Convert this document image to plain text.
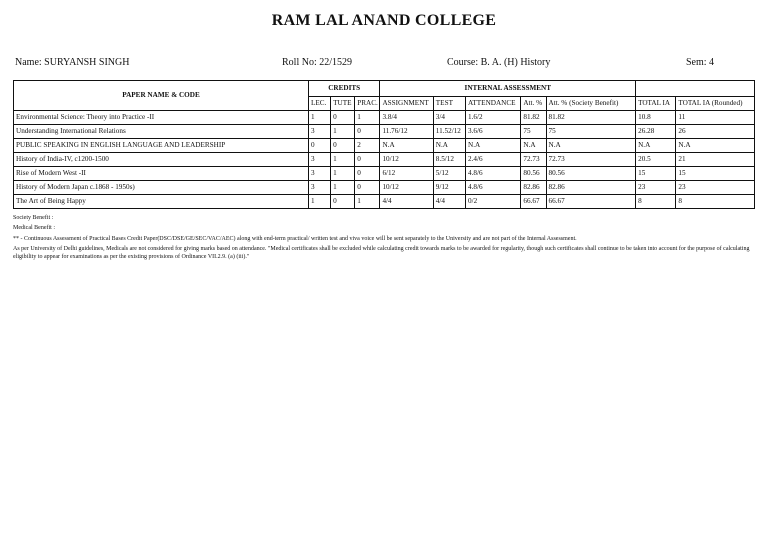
RAM LAL ANAND COLLEGE
Name: SURYANSH SINGH	Roll No: 22/1529	Course: B. A. (H) History	Sem: 4
PAPER NAME & CODE	CREDITS			INTERNAL ASSESSMENT						
	LEC.	TUTE	PRAC.	ASSIGNMENT	TEST	ATTENDANCE	Att. %	Att. % (Society Benefit)	TOTAL IA	TOTAL IA (Rounded)
Environmental Science: Theory into Practice -II	1	0	1	3.8/4	3/4	1.6/2	81.82	81.82	10.8	11
Understanding International Relations	3	1	0	11.76/12	11.52/12	3.6/6	75	75	26.28	26
PUBLIC SPEAKING IN ENGLISH LANGUAGE AND LEADERSHIP	0	0	2	N.A	N.A	N.A	N.A	N.A	N.A	N.A
History of India-IV, c1200-1500	3	1	0	10/12	8.5/12	2.4/6	72.73	72.73	20.5	21
Rise of Modern West -II	3	1	0	6/12	5/12	4.8/6	80.56	80.56	15	15
History of Modern Japan c.1868 - 1950s)	3	1	0	10/12	9/12	4.8/6	82.86	82.86	23	23
The Art of Being Happy	1	0	1	4/4	4/4	0/2	66.67	66.67	8	8
Society Benefit :
Medical Benefit :
** - Continuous Assessment of Practical Bases Credit Paper(DSC/DSE/GE/SEC/VAC/AEC) along with end-term practical/ written test and viva voice will be sent separately to the University and are not part of the Internal Assessment.
As per University of Delhi guidelines, Medicals are not considered for giving marks based on attendance. "Medical certificates shall be excluded while calculating credit towards marks to be awarded for regularity, though such certificates shall continue to be taken into account for the purpose of calculating eligibility to appear for examinations as per the existing provisions of Ordinance VII.2.9. (a) (iii)."
